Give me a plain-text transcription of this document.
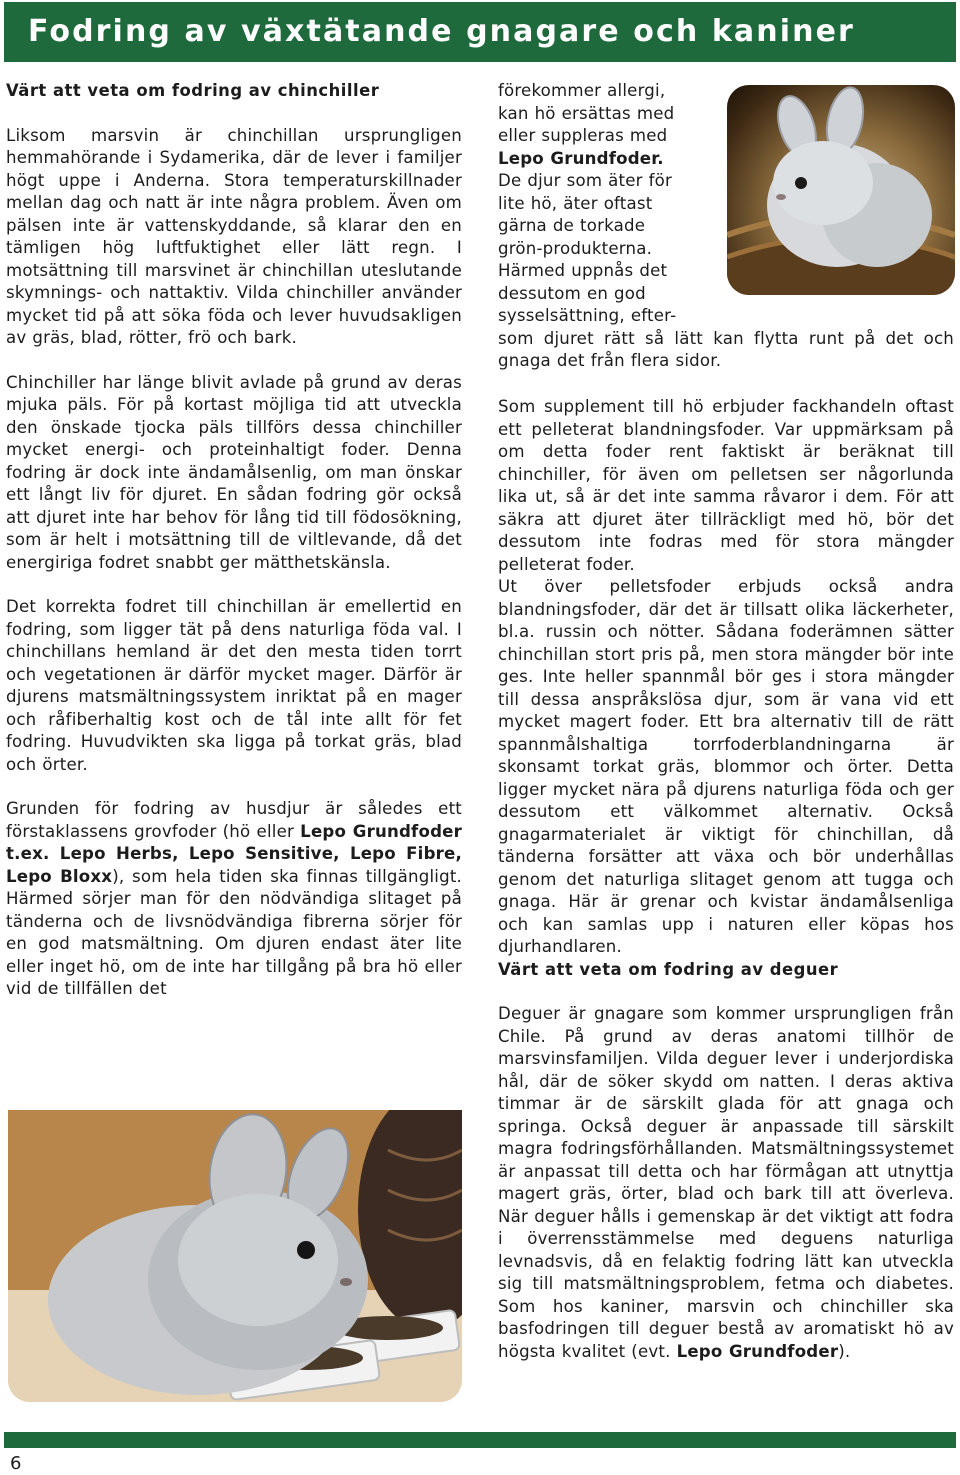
Fodring av växtätande gnagare och kaniner

Värt att veta om fodring av chinchiller

Liksom marsvin är chinchillan ursprungligen hemmahörande i Sydamerika, där de lever i familjer högt uppe i Anderna. Stora temperaturskillnader mellan dag och natt är inte några problem. Även om pälsen inte är vattenskyddande, så klarar den en tämligen hög luftfuktighet eller lätt regn. I motsättning till marsvinet är chinchillan uteslutande skymnings- och nattaktiv. Vilda chinchiller använder mycket tid på att söka föda och lever huvudsakligen av gräs, blad, rötter, frö och bark.

Chinchiller har länge blivit avlade på grund av deras mjuka päls. För på kortast möjliga tid att utveckla den önskade tjocka päls tillförs dessa chinchiller mycket energi- och proteinhaltigt foder. Denna fodring är dock inte ändamålsenlig, om man önskar ett långt liv för djuret. En sådan fodring gör också att djuret inte har behov för lång tid till födosökning, som är helt i motsättning till de viltlevande, då det energiriga fodret snabbt ger mätthetskänsla.

Det korrekta fodret till chinchillan är emellertid en fodring, som ligger tät på dens naturliga föda val. I chinchillans hemland är det den mesta tiden torrt och vegetationen är därför mycket mager. Därför är djurens matsmältningssystem inriktat på en mager och råfiberhaltig kost och de tål inte allt för fet fodring. Huvudvikten ska ligga på torkat gräs, blad och örter.

Grunden för fodring av husdjur är således ett förstaklassens grovfoder (hö eller Lepo Grundfoder t.ex. Lepo Herbs, Lepo Sensitive, Lepo Fibre, Lepo Bloxx), som hela tiden ska finnas tillgängligt. Härmed sörjer man för den nödvändiga slitaget på tänderna och de livsnödvändiga fibrerna sörjer för en god matsmältning. Om djuren endast äter lite eller inget hö, om de inte har tillgång på bra hö eller vid de tillfällen det

förekommer allergi,

kan hö ersättas med

eller suppleras med

Lepo Grundfoder.

De djur som äter för

lite hö, äter oftast

gärna de torkade

grön-produkterna.

Härmed uppnås det

dessutom en god

sysselsättning, efter-

som djuret rätt så lätt kan flytta runt på det och gnaga det från flera sidor.

Som supplement till hö erbjuder fackhandeln oftast ett pelleterat blandningsfoder. Var uppmärksam på om detta foder rent faktiskt är beräknat till chinchiller, för även om pelletsen ser någorlunda lika ut, så är det inte samma råvaror i dem. För att säkra att djuret äter tillräckligt med hö, bör det dessutom inte fodras med för stora mängder pelleterat foder.

Ut över pelletsfoder erbjuds också andra blandningsfoder, där det är tillsatt olika läckerheter, bl.a. russin och nötter. Sådana foderämnen sätter chinchillan stort pris på, men stora mängder bör inte ges. Inte heller spannmål bör ges i stora mängder till dessa anspråkslösa djur, som är vana vid ett mycket magert foder. Ett bra alternativ till de rätt spannmålshaltiga torrfoderblandningarna är skonsamt torkat gräs, blommor och örter. Detta ligger mycket nära på djurens naturliga föda och ger dessutom ett välkommet alternativ. Också gnagarmaterialet är viktigt för chinchillan, då tänderna forsätter att växa och bör underhållas genom det naturliga slitaget genom att tugga och gnaga. Här är grenar och kvistar ändamålsenliga och kan samlas upp i naturen eller köpas hos djurhandlaren.

Värt att veta om fodring av deguer

Deguer är gnagare som kommer ursprungligen från Chile. På grund av deras anatomi tillhör de marsvinsfamiljen. Vilda deguer lever i underjordiska hål, där de söker skydd om natten. I deras aktiva timmar är de särskilt glada för att gnaga och springa. Också deguer är anpassade till särskilt magra fodringsförhållanden. Matsmältningssystemet är anpassat till detta och har förmågan att utnyttja magert gräs, örter, blad och bark till att överleva. När deguer hålls i gemenskap är det viktigt att fodra i överrensstämmelse med deguens naturliga levnadsvis, då en felaktig fodring lätt kan utveckla sig till matsmältningsproblem, fetma och diabetes. Som hos kaniner, marsvin och chinchiller ska basfodringen till deguer bestå av aromatiskt hö av högsta kvalitet (evt. Lepo Grundfoder).

6
